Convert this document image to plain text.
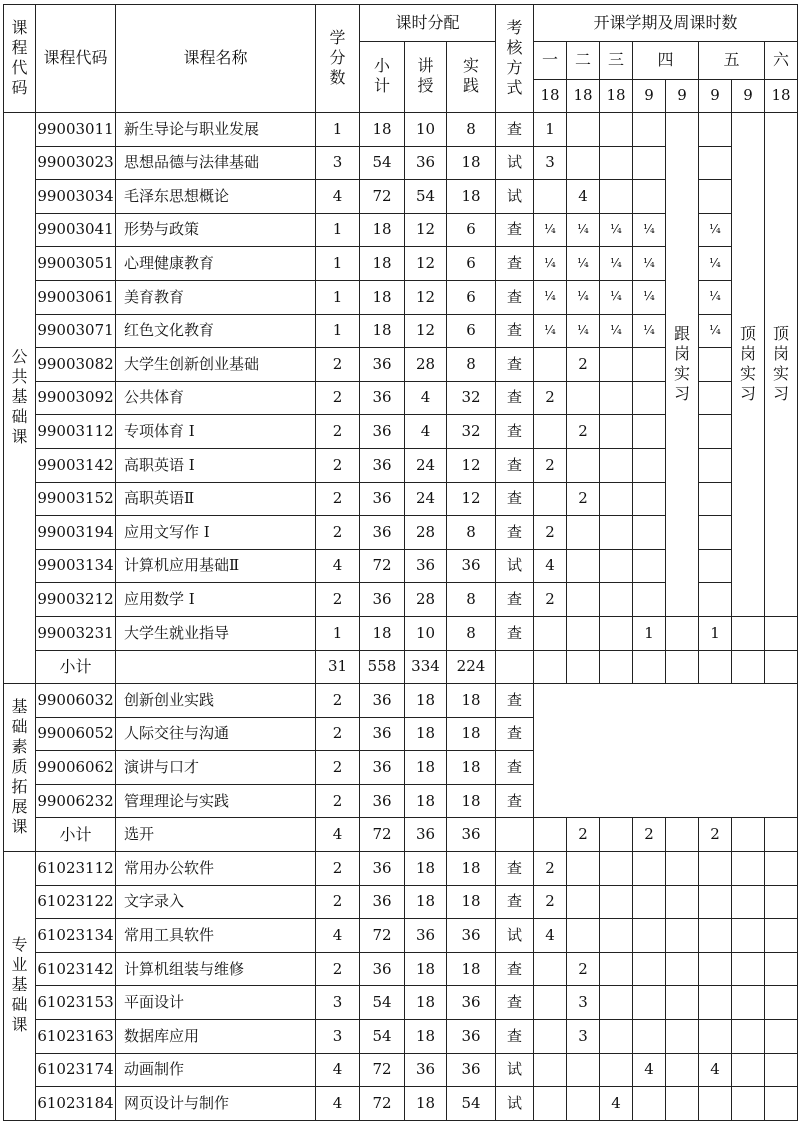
课程代码	课程代码	课程名称	学分数	课时分配			考核方式	开课学期及周课时数							
				小计	讲授	实践		一	二	三	四		五		六
								18	18	18	9	9	9	9	18
公共基础课	99003011	新生导论与职业发展	1	18	10	8	查	1				跟岗实习		顶岗实习	顶岗实习
	99003023	思想品德与法律基础	3	54	36	18	试	3							
	99003034	毛泽东思想概论	4	72	54	18	试		4						
	99003041	形势与政策	1	18	12	6	查	¼	¼	¼	¼		¼		
	99003051	心理健康教育	1	18	12	6	查	¼	¼	¼	¼		¼		
	99003061	美育教育	1	18	12	6	查	¼	¼	¼	¼		¼		
	99003071	红色文化教育	1	18	12	6	查	¼	¼	¼	¼		¼		
	99003082	大学生创新创业基础	2	36	28	8	查		2						
	99003092	公共体育	2	36	4	32	查	2							
	99003112	专项体育 Ⅰ	2	36	4	32	查		2						
	99003142	高职英语 Ⅰ	2	36	24	12	查	2							
	99003152	高职英语Ⅱ	2	36	24	12	查		2						
	99003194	应用文写作 Ⅰ	2	36	28	8	查	2							
	99003134	计算机应用基础Ⅱ	4	72	36	36	试	4							
	99003212	应用数学 Ⅰ	2	36	28	8	查	2							
	99003231	大学生就业指导	1	18	10	8	查				1		1		
	小计		31	558	334	224									
基础素质拓展课	99006032	创新创业实践	2	36	18	18	查								
	99006052	人际交往与沟通	2	36	18	18	查								
	99006062	演讲与口才	2	36	18	18	查								
	99006232	管理理论与实践	2	36	18	18	查								
	小计	选开	4	72	36	36			2		2		2		
专业基础课	61023112	常用办公软件	2	36	18	18	查	2							
	61023122	文字录入	2	36	18	18	查	2							
	61023134	常用工具软件	4	72	36	36	试	4							
	61023142	计算机组装与维修	2	36	18	18	查		2						
	61023153	平面设计	3	54	18	36	查		3						
	61023163	数据库应用	3	54	18	36	查		3						
	61023174	动画制作	4	72	36	36	试				4		4		
	61023184	网页设计与制作	4	72	18	54	试			4					
